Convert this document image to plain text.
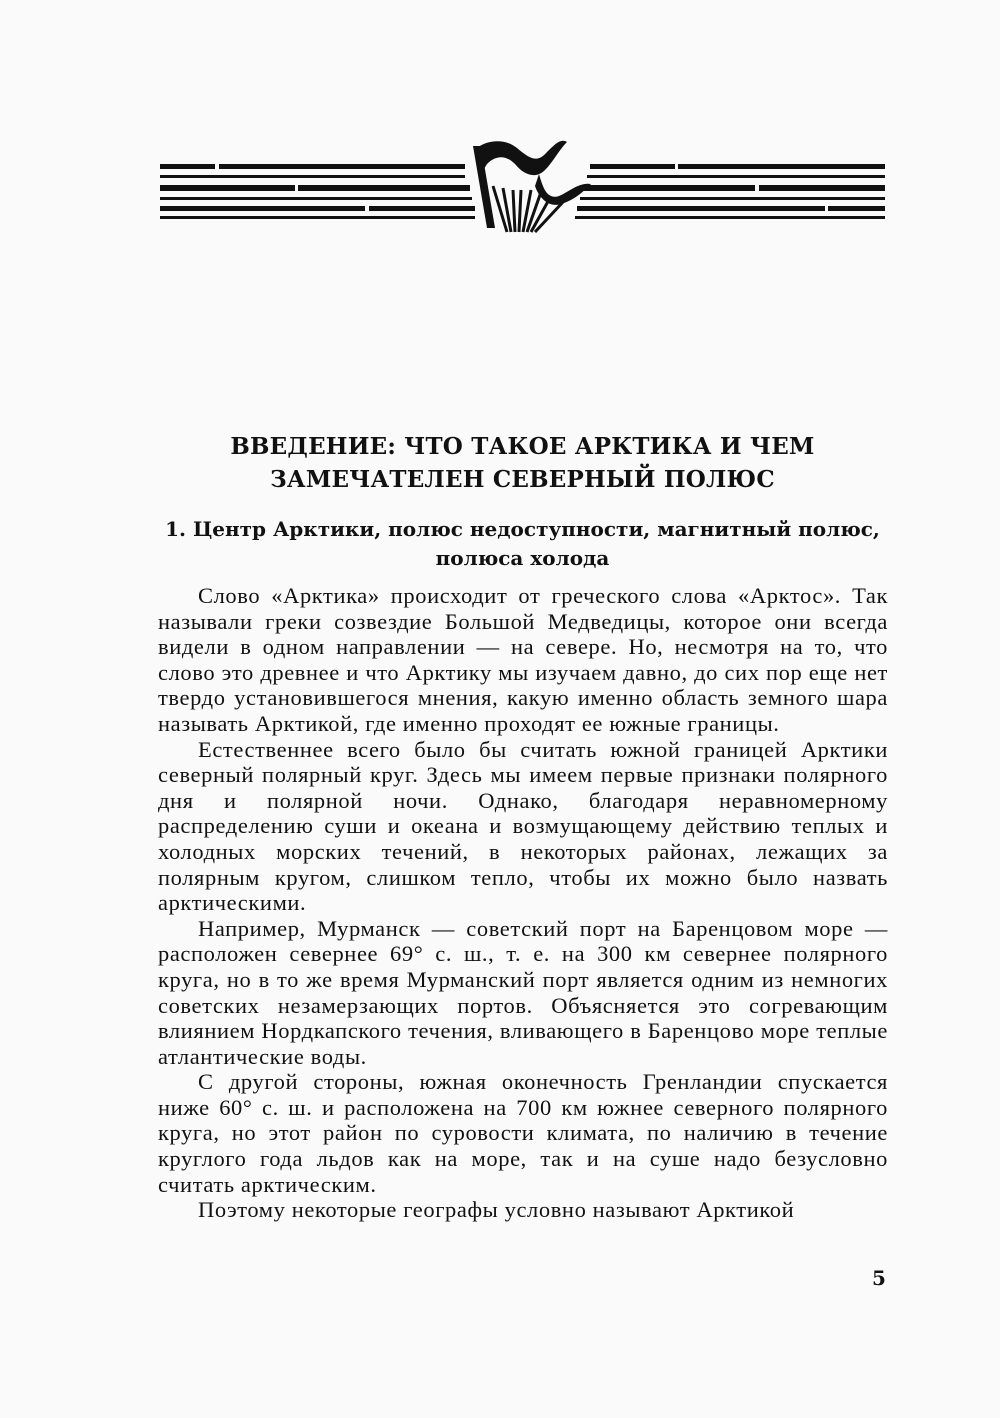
ВВЕДЕНИЕ: ЧТО ТАКОЕ АРКТИКА И ЧЕМ ЗАМЕЧАТЕЛЕН СЕВЕРНЫЙ ПОЛЮС
1. Центр Арктики, полюс недоступности, магнитный полюс, полюса холода

Слово «Арктика» происходит от греческого слова «Арктос». Так называли греки созвездие Большой Медведицы, которое они всегда видели в одном направлении — на севере. Но, несмотря на то, что слово это древнее и что Арктику мы изучаем давно, до сих пор еще нет твердо установившегося мнения, какую именно область земного шара называть Арктикой, где именно проходят ее южные границы.

Естественнее всего было бы считать южной границей Арктики северный полярный круг. Здесь мы имеем первые признаки полярного дня и полярной ночи. Однако, благодаря неравномерному распределению суши и океана и возмущающему действию теплых и холодных морских течений, в некоторых районах, лежащих за полярным кругом, слишком тепло, чтобы их можно было назвать арктическими.

Например, Мурманск — советский порт на Баренцовом море — расположен севернее 69° с. ш., т. е. на 300 км севернее полярного круга, но в то же время Мурманский порт является одним из немногих советских незамерзающих портов. Объясняется это согревающим влиянием Нордкапского течения, вливающего в Баренцово море теплые атлантические воды.

С другой стороны, южная оконечность Гренландии спускается ниже 60° с. ш. и расположена на 700 км южнее северного полярного круга, но этот район по суровости климата, по наличию в течение круглого года льдов как на море, так и на суше надо безусловно считать арктическим.

Поэтому некоторые географы условно называют Арктикой

5
